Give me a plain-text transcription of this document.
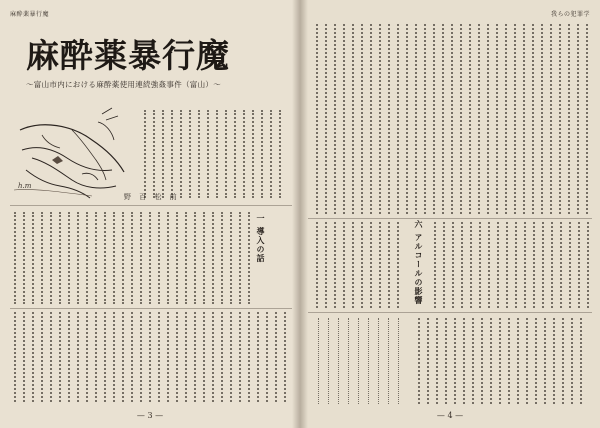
麻酔薬暴行魔
麻酔薬暴行魔
〜富山市内における麻酔薬使用連続強姦事件（富山）〜
h.m
野 百 松 前
一 導入の話
— 3 —
我らの犯罪学
六 アルコールの影響
— 4 —
